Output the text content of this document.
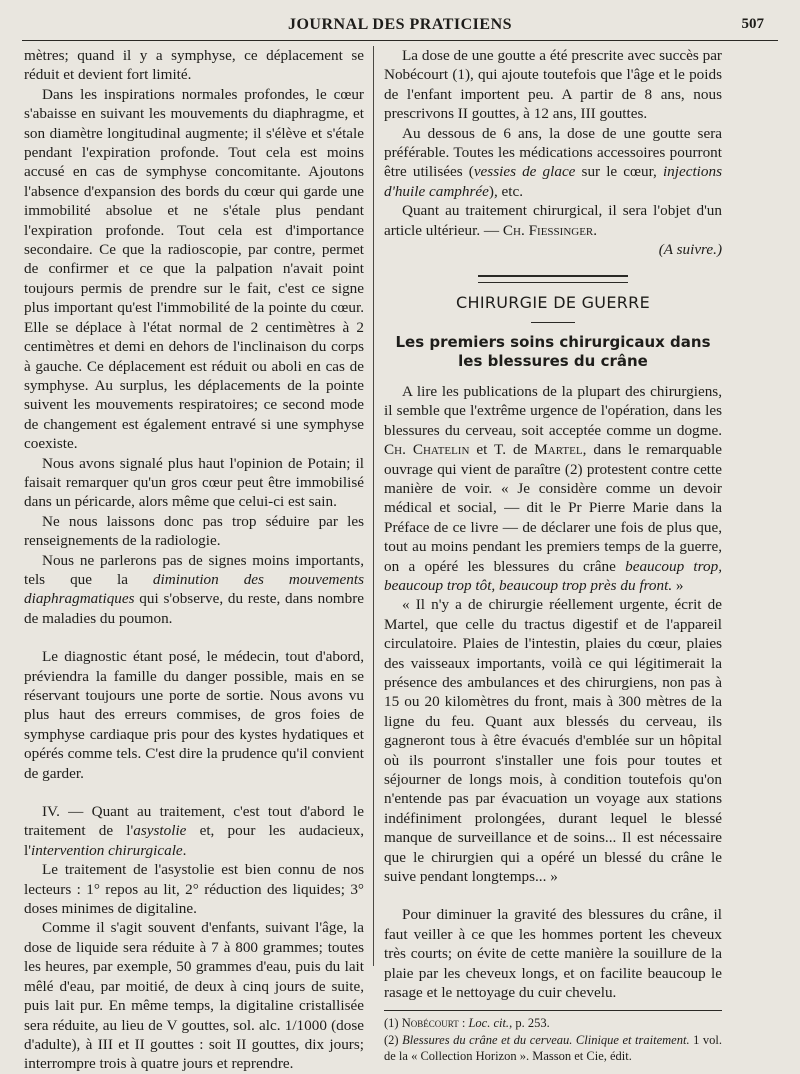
JOURNAL DES PRATICIENS	507

mètres; quand il y a symphyse, ce déplacement se réduit et devient fort limité.

Dans les inspirations normales profondes, le cœur s'abaisse en suivant les mouvements du diaphragme, et son diamètre longitudinal augmente; il s'élève et s'étale pendant l'expiration profonde. Tout cela est moins accusé en cas de symphyse concomitante. Ajoutons l'absence d'expansion des bords du cœur qui garde une immobilité absolue et ne s'étale plus pendant l'expiration profonde. Tout cela est d'importance secondaire. Ce que la radioscopie, par contre, permet de confirmer et ce que la palpation n'avait point toujours permis de prendre sur le fait, c'est ce signe plus important qu'est l'immobilité de la pointe du cœur. Elle se déplace à l'état normal de 2 centimètres à 2 centimètres et demi en dehors de l'inclinaison du corps à gauche. Ce déplacement est réduit ou aboli en cas de symphyse. Au surplus, les déplacements de la pointe suivent les mouvements respiratoires; ce second mode de changement est également entravé si une symphyse coexiste.

Nous avons signalé plus haut l'opinion de Potain; il faisait remarquer qu'un gros cœur peut être immobilisé dans un péricarde, alors même que celui-ci est sain.

Ne nous laissons donc pas trop séduire par les renseignements de la radiologie.

Nous ne parlerons pas de signes moins importants, tels que la diminution des mouvements diaphragmatiques qui s'observe, du reste, dans nombre de maladies du poumon.

Le diagnostic étant posé, le médecin, tout d'abord, préviendra la famille du danger possible, mais en se réservant toujours une porte de sortie. Nous avons vu plus haut des erreurs commises, de gros foies de symphyse cardiaque pris pour des kystes hydatiques et opérés comme tels. C'est dire la prudence qu'il convient de garder.

IV. — Quant au traitement, c'est tout d'abord le traitement de l'asystolie et, pour les audacieux, l'intervention chirurgicale.

Le traitement de l'asystolie est bien connu de nos lecteurs : 1° repos au lit, 2° réduction des liquides; 3° doses minimes de digitaline.

Comme il s'agit souvent d'enfants, suivant l'âge, la dose de liquide sera réduite à 7 à 800 grammes; toutes les heures, par exemple, 50 grammes d'eau, puis du lait mêlé d'eau, par moitié, de deux à cinq jours de suite, puis lait pur. En même temps, la digitaline cristallisée sera réduite, au lieu de V gouttes, sol. alc. 1/1000 (dose d'adulte), à III et II gouttes : soit II gouttes, dix jours; interrompre trois à quatre jours et reprendre.

La dose de une goutte a été prescrite avec succès par Nobécourt (1), qui ajoute toutefois que l'âge et le poids de l'enfant importent peu. A partir de 8 ans, nous prescrivons II gouttes, à 12 ans, III gouttes.

Au dessous de 6 ans, la dose de une goutte sera préférable. Toutes les médications accessoires pourront être utilisées (vessies de glace sur le cœur, injections d'huile camphrée), etc.

Quant au traitement chirurgical, il sera l'objet d'un article ultérieur. — Ch. Fiessinger.

(A suivre.)

CHIRURGIE DE GUERRE
Les premiers soins chirurgicaux dans les blessures du crâne

A lire les publications de la plupart des chirurgiens, il semble que l'extrême urgence de l'opération, dans les blessures du cerveau, soit acceptée comme un dogme. Ch. Chatelin et T. de Martel, dans le remarquable ouvrage qui vient de paraître (2) protestent contre cette manière de voir. « Je considère comme un devoir médical et social, — dit le Pr Pierre Marie dans la Préface de ce livre — de déclarer une fois de plus que, tout au moins pendant les premiers temps de la guerre, on a opéré les blessures du crâne beaucoup trop, beaucoup trop tôt, beaucoup trop près du front. »

« Il n'y a de chirurgie réellement urgente, écrit de Martel, que celle du tractus digestif et de l'appareil circulatoire. Plaies de l'intestin, plaies du cœur, plaies des vaisseaux importants, voilà ce qui légitimerait la présence des ambulances et des chirurgiens, non pas à 15 ou 20 kilomètres du front, mais à 300 mètres de la ligne du feu. Quant aux blessés du cerveau, ils gagneront tous à être évacués d'emblée sur un hôpital où ils pourront s'installer une fois pour toutes et séjourner de longs mois, à condition toutefois qu'on n'entende pas par évacuation un voyage aux stations indéfiniment prolongées, durant lequel le blessé manque de surveillance et de soins... Il est nécessaire que le chirurgien qui a opéré un blessé du crâne le suive pendant longtemps... »

Pour diminuer la gravité des blessures du crâne, il faut veiller à ce que les hommes portent les cheveux très courts; on évite de cette manière la souillure de la plaie par les cheveux longs, et on facilite beaucoup le rasage et le nettoyage du cuir chevelu.

(1) Nobécourt : Loc. cit., p. 253.

(2) Blessures du crâne et du cerveau. Clinique et traitement. 1 vol. de la « Collection Horizon ». Masson et Cie, édit.
